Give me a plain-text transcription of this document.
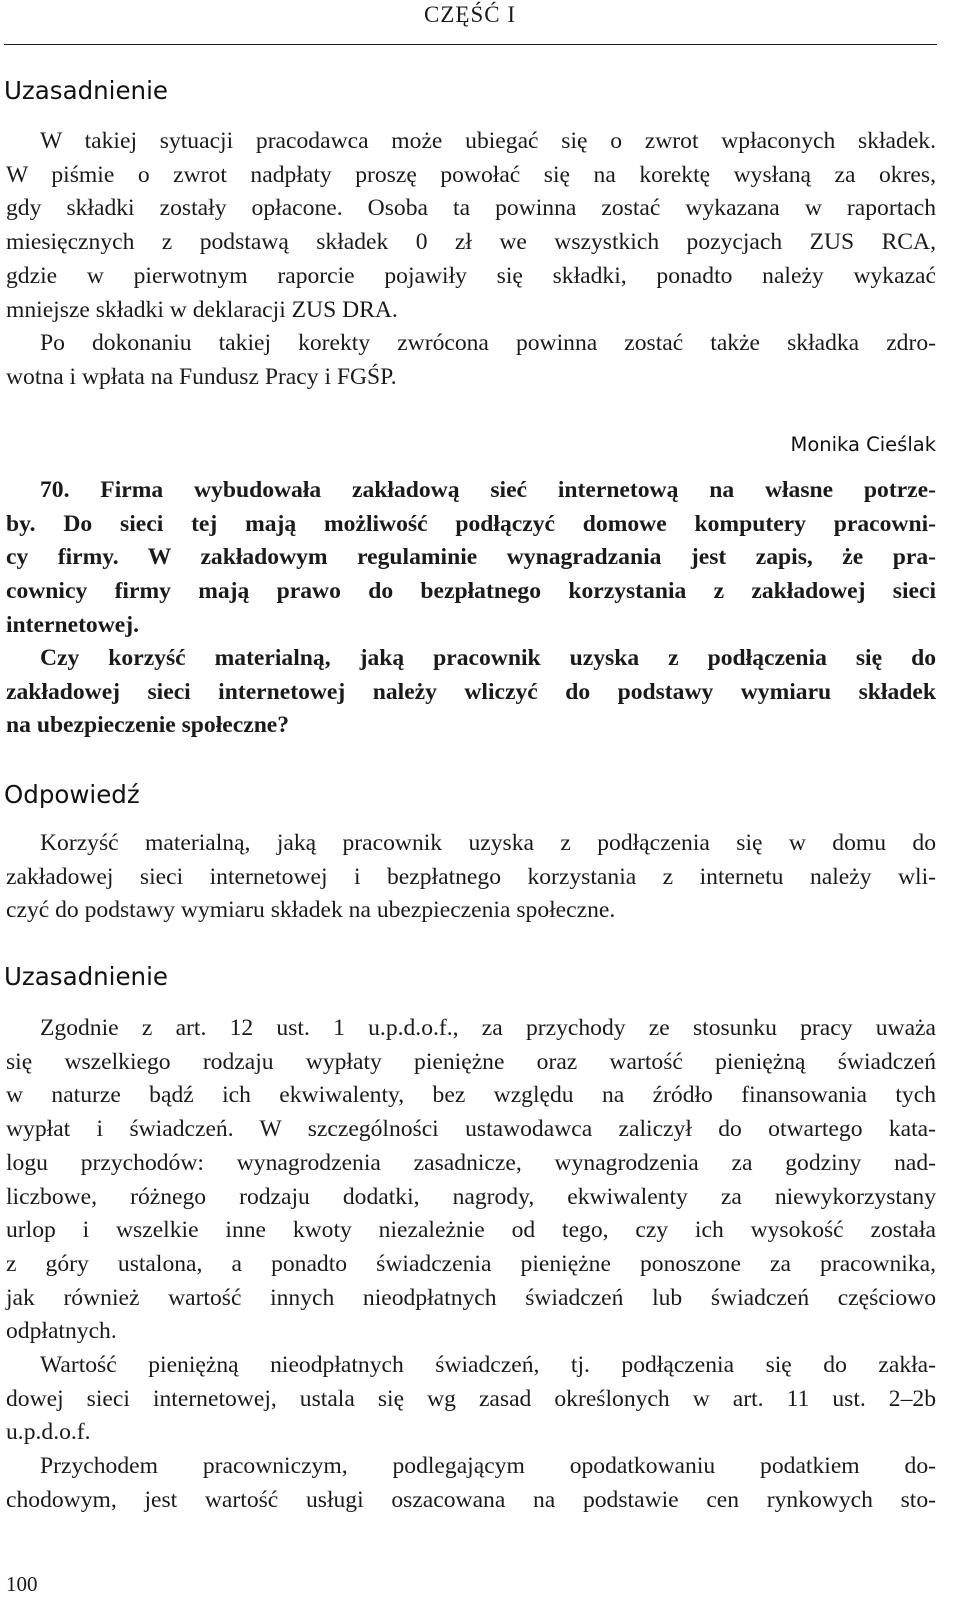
CZĘŚĆ I
Uzasadnienie
W takiej sytuacji pracodawca może ubiegać się o zwrot wpłaconych składek.
W piśmie o zwrot nadpłaty proszę powołać się na korektę wysłaną za okres,
gdy składki zostały opłacone. Osoba ta powinna zostać wykazana w raportach
miesięcznych z podstawą składek 0 zł we wszystkich pozycjach ZUS RCA,
gdzie w pierwotnym raporcie pojawiły się składki, ponadto należy wykazać
mniejsze składki w deklaracji ZUS DRA.
Po dokonaniu takiej korekty zwrócona powinna zostać także składka zdro-
wotna i wpłata na Fundusz Pracy i FGŚP.
Monika Cieślak
70. Firma wybudowała zakładową sieć internetową na własne potrze-
by. Do sieci tej mają możliwość podłączyć domowe komputery pracowni-
cy firmy. W zakładowym regulaminie wynagradzania jest zapis, że pra-
cownicy firmy mają prawo do bezpłatnego korzystania z zakładowej sieci
internetowej.
Czy korzyść materialną, jaką pracownik uzyska z podłączenia się do
zakładowej sieci internetowej należy wliczyć do podstawy wymiaru składek
na ubezpieczenie społeczne?
Odpowiedź
Korzyść materialną, jaką pracownik uzyska z podłączenia się w domu do
zakładowej sieci internetowej i bezpłatnego korzystania z internetu należy wli-
czyć do podstawy wymiaru składek na ubezpieczenia społeczne.
Uzasadnienie
Zgodnie z art. 12 ust. 1 u.p.d.o.f., za przychody ze stosunku pracy uważa
się wszelkiego rodzaju wypłaty pieniężne oraz wartość pieniężną świadczeń
w naturze bądź ich ekwiwalenty, bez względu na źródło finansowania tych
wypłat i świadczeń. W szczególności ustawodawca zaliczył do otwartego kata-
logu przychodów: wynagrodzenia zasadnicze, wynagrodzenia za godziny nad-
liczbowe, różnego rodzaju dodatki, nagrody, ekwiwalenty za niewykorzystany
urlop i wszelkie inne kwoty niezależnie od tego, czy ich wysokość została
z góry ustalona, a ponadto świadczenia pieniężne ponoszone za pracownika,
jak również wartość innych nieodpłatnych świadczeń lub świadczeń częściowo
odpłatnych.
Wartość pieniężną nieodpłatnych świadczeń, tj. podłączenia się do zakła-
dowej sieci internetowej, ustala się wg zasad określonych w art. 11 ust. 2–2b
u.p.d.o.f.
Przychodem pracowniczym, podlegającym opodatkowaniu podatkiem do-
chodowym, jest wartość usługi oszacowana na podstawie cen rynkowych sto-
100
